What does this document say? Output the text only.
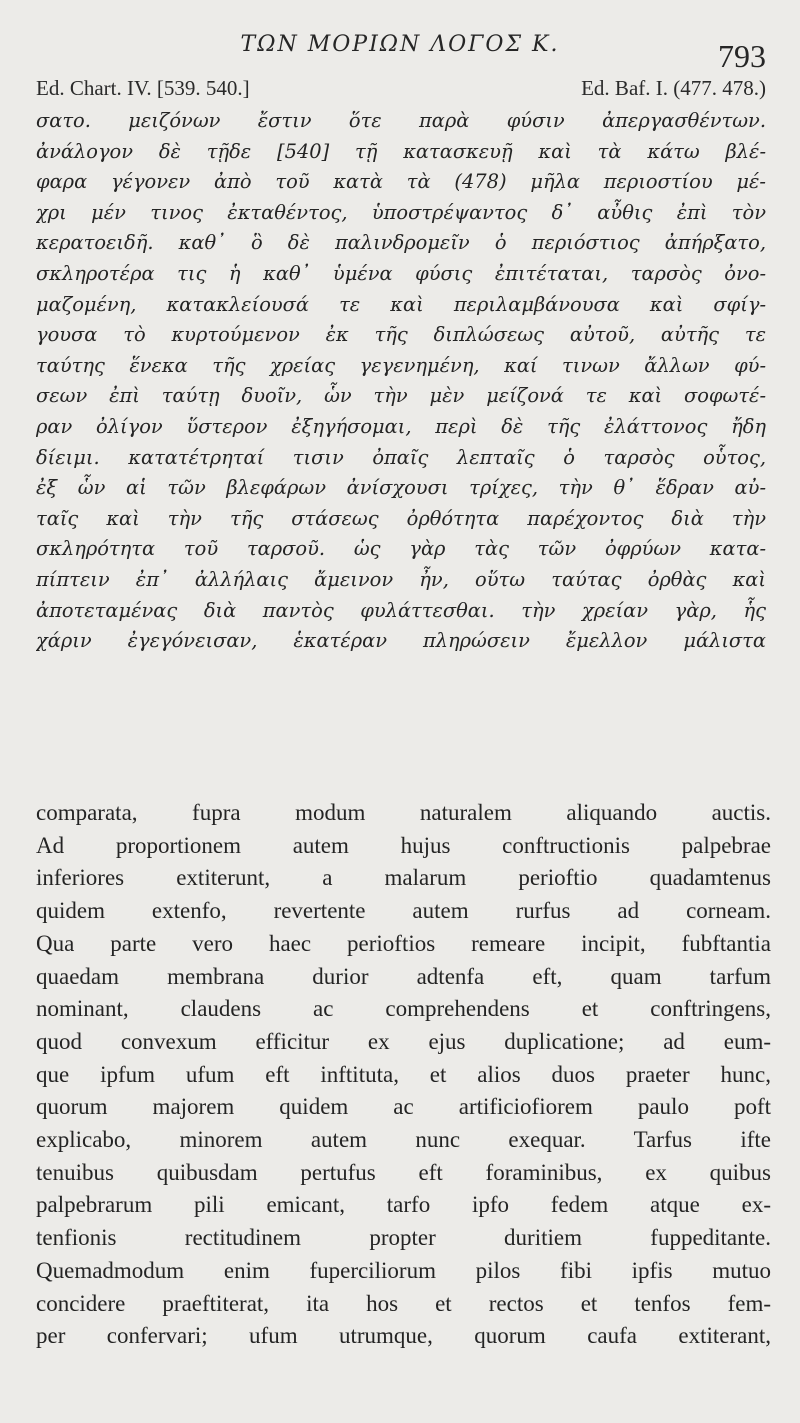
ΤΩΝ ΜΟΡΙΩΝ ΛΟΓΟΣ Κ.	793
Ed. Chart. IV. [539. 540.]	Ed. Baf. I. (477. 478.)
σατο. μειζόνων ἔστιν ὅτε παρὰ φύσιν ἀπεργασθέντων.
ἀνάλογον δὲ τῇδε [540] τῇ κατασκευῇ καὶ τὰ κάτω βλέ-
φαρα γέγονεν ἀπὸ τοῦ κατὰ τὰ (478) μῆλα περιοστίου μέ-
χρι μέν τινος ἐκταθέντος, ὑποστρέψαντος δ᾽ αὖθις ἐπὶ τὸν
κερατοειδῆ. καθ᾽ ὃ δὲ παλινδρομεῖν ὁ περιόστιος ἀπήρξατο,
σκληροτέρα τις ἡ καθ᾽ ὑμένα φύσις ἐπιτέταται, ταρσὸς ὀνο-
μαζομένη, κατακλείουσά τε καὶ περιλαμβάνουσα καὶ σφίγ-
γουσα τὸ κυρτούμενον ἐκ τῆς διπλώσεως αὐτοῦ, αὐτῆς τε
ταύτης ἕνεκα τῆς χρείας γεγενημένη, καί τινων ἄλλων φύ-
σεων ἐπὶ ταύτῃ δυοῖν, ὧν τὴν μὲν μείζονά τε καὶ σοφωτέ-
ραν ὀλίγον ὕστερον ἐξηγήσομαι, περὶ δὲ τῆς ἐλάττονος ἤδη
δίειμι. κατατέτρηταί τισιν ὀπαῖς λεπταῖς ὁ ταρσὸς οὗτος,
ἐξ ὧν αἱ τῶν βλεφάρων ἀνίσχουσι τρίχες, τὴν θ᾽ ἕδραν αὐ-
ταῖς καὶ τὴν τῆς στάσεως ὀρθότητα παρέχοντος διὰ τὴν
σκληρότητα τοῦ ταρσοῦ. ὡς γὰρ τὰς τῶν ὀφρύων κατα-
πίπτειν ἐπ᾽ ἀλλήλαις ἄμεινον ἦν, οὕτω ταύτας ὀρθὰς καὶ
ἀποτεταμένας διὰ παντὸς φυλάττεσθαι. τὴν χρείαν γὰρ, ἧς
χάριν ἐγεγόνεισαν, ἑκατέραν πληρώσειν ἔμελλον μάλιστα
comparata, fupra modum naturalem aliquando auctis.
Ad proportionem autem hujus conftructionis palpebrae
inferiores extiterunt, a malarum perioftio quadamtenus
quidem extenfo, revertente autem rurfus ad corneam.
Qua parte vero haec perioftios remeare incipit, fubftantia
quaedam membrana durior adtenfa eft, quam tarfum
nominant, claudens ac comprehendens et conftringens,
quod convexum efficitur ex ejus duplicatione; ad eum-
que ipfum ufum eft inftituta, et alios duos praeter hunc,
quorum majorem quidem ac artificiofiorem paulo poft
explicabo, minorem autem nunc exequar. Tarfus ifte
tenuibus quibusdam pertufus eft foraminibus, ex quibus
palpebrarum pili emicant, tarfo ipfo fedem atque ex-
tenfionis rectitudinem propter duritiem fuppeditante.
Quemadmodum enim fuperciliorum pilos fibi ipfis mutuo
concidere praeftiterat, ita hos et rectos et tenfos fem-
per confervari; ufum utrumque, quorum caufa extiterant,
